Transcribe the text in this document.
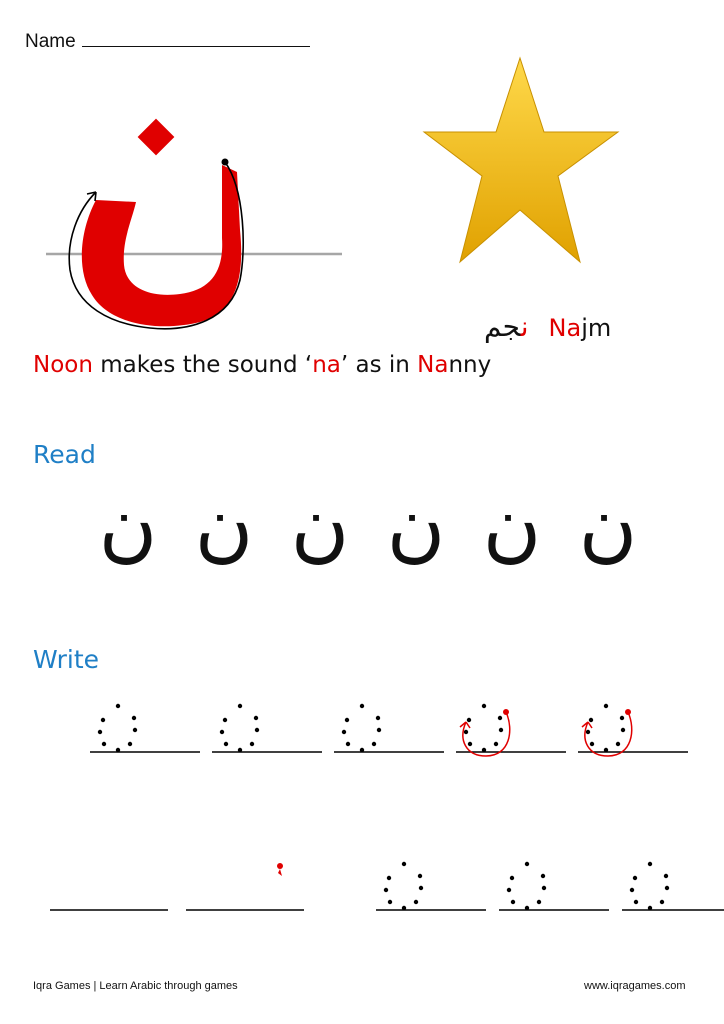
Name
نجم Najm
Noon makes the sound ‘na’ as in Nanny
Read
ن ن ن ن ن ن
Write
Iqra Games | Learn Arabic through games	www.iqragames.com
